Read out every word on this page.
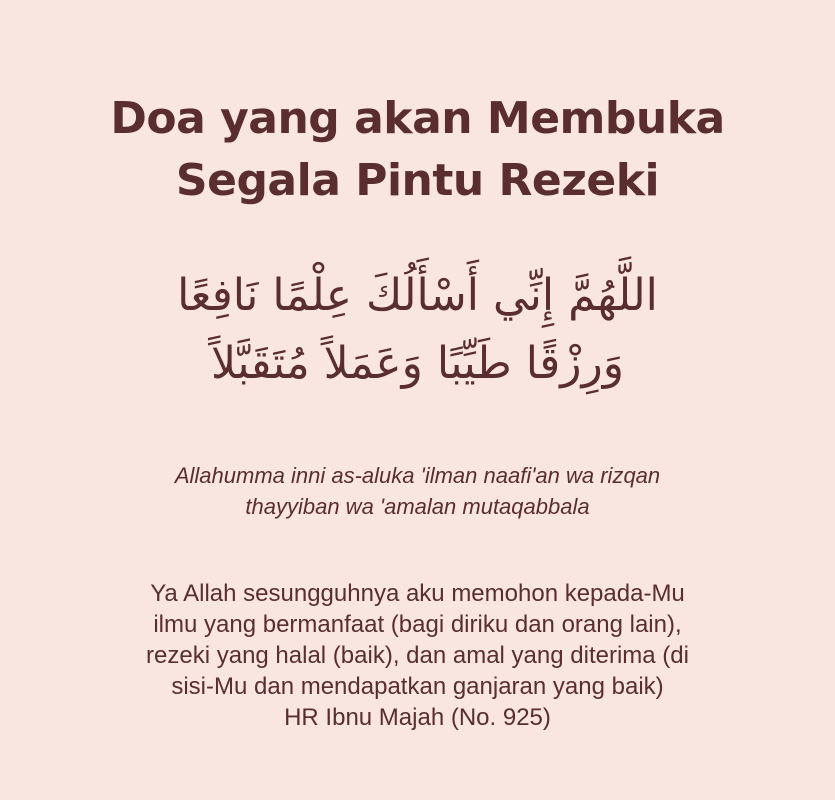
Doa yang akan Membuka
Segala Pintu Rezeki
اللَّهُمَّ إِنِّي أَسْأَلُكَ عِلْمًا نَافِعًا
وَرِزْقًا طَيِّبًا وَعَمَلاً مُتَقَبَّلاً
Allahumma inni as-aluka 'ilman naafi'an wa rizqan
thayyiban wa 'amalan mutaqabbala
Ya Allah sesungguhnya aku memohon kepada-Mu
ilmu yang bermanfaat (bagi diriku dan orang lain),
rezeki yang halal (baik), dan amal yang diterima (di
sisi-Mu dan mendapatkan ganjaran yang baik)
HR Ibnu Majah (No. 925)
